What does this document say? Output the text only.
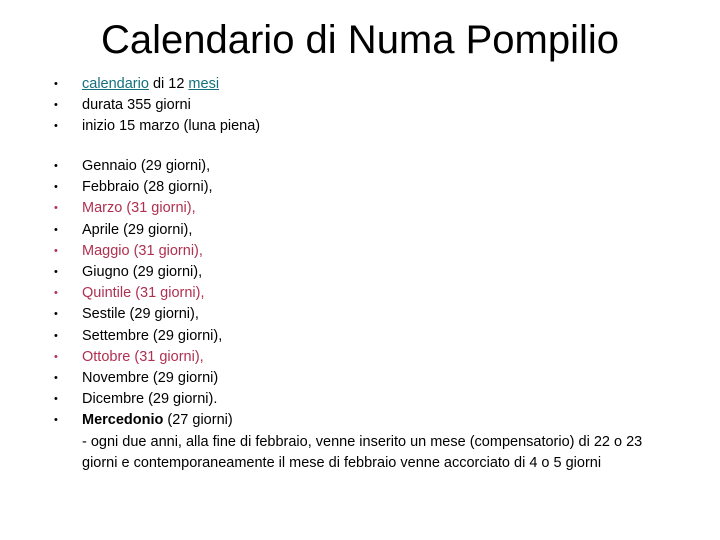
Calendario di Numa Pompilio
•	calendario di 12 mesi
•	durata 355 giorni
•	inizio 15 marzo (luna piena)
•	Gennaio (29 giorni),
•	Febbraio (28 giorni),
•	Marzo (31 giorni),
•	Aprile (29 giorni),
•	Maggio (31 giorni),
•	Giugno (29 giorni),
•	Quintile (31 giorni),
•	Sestile (29 giorni),
•	Settembre (29 giorni),
•	Ottobre (31 giorni),
•	Novembre (29 giorni)
•	Dicembre (29 giorni).
•	Mercedonio (27 giorni)
- ogni due anni, alla fine di febbraio, venne inserito un mese (compensatorio) di 22 o 23 giorni e contemporaneamente il mese di febbraio venne accorciato di 4 o 5 giorni
